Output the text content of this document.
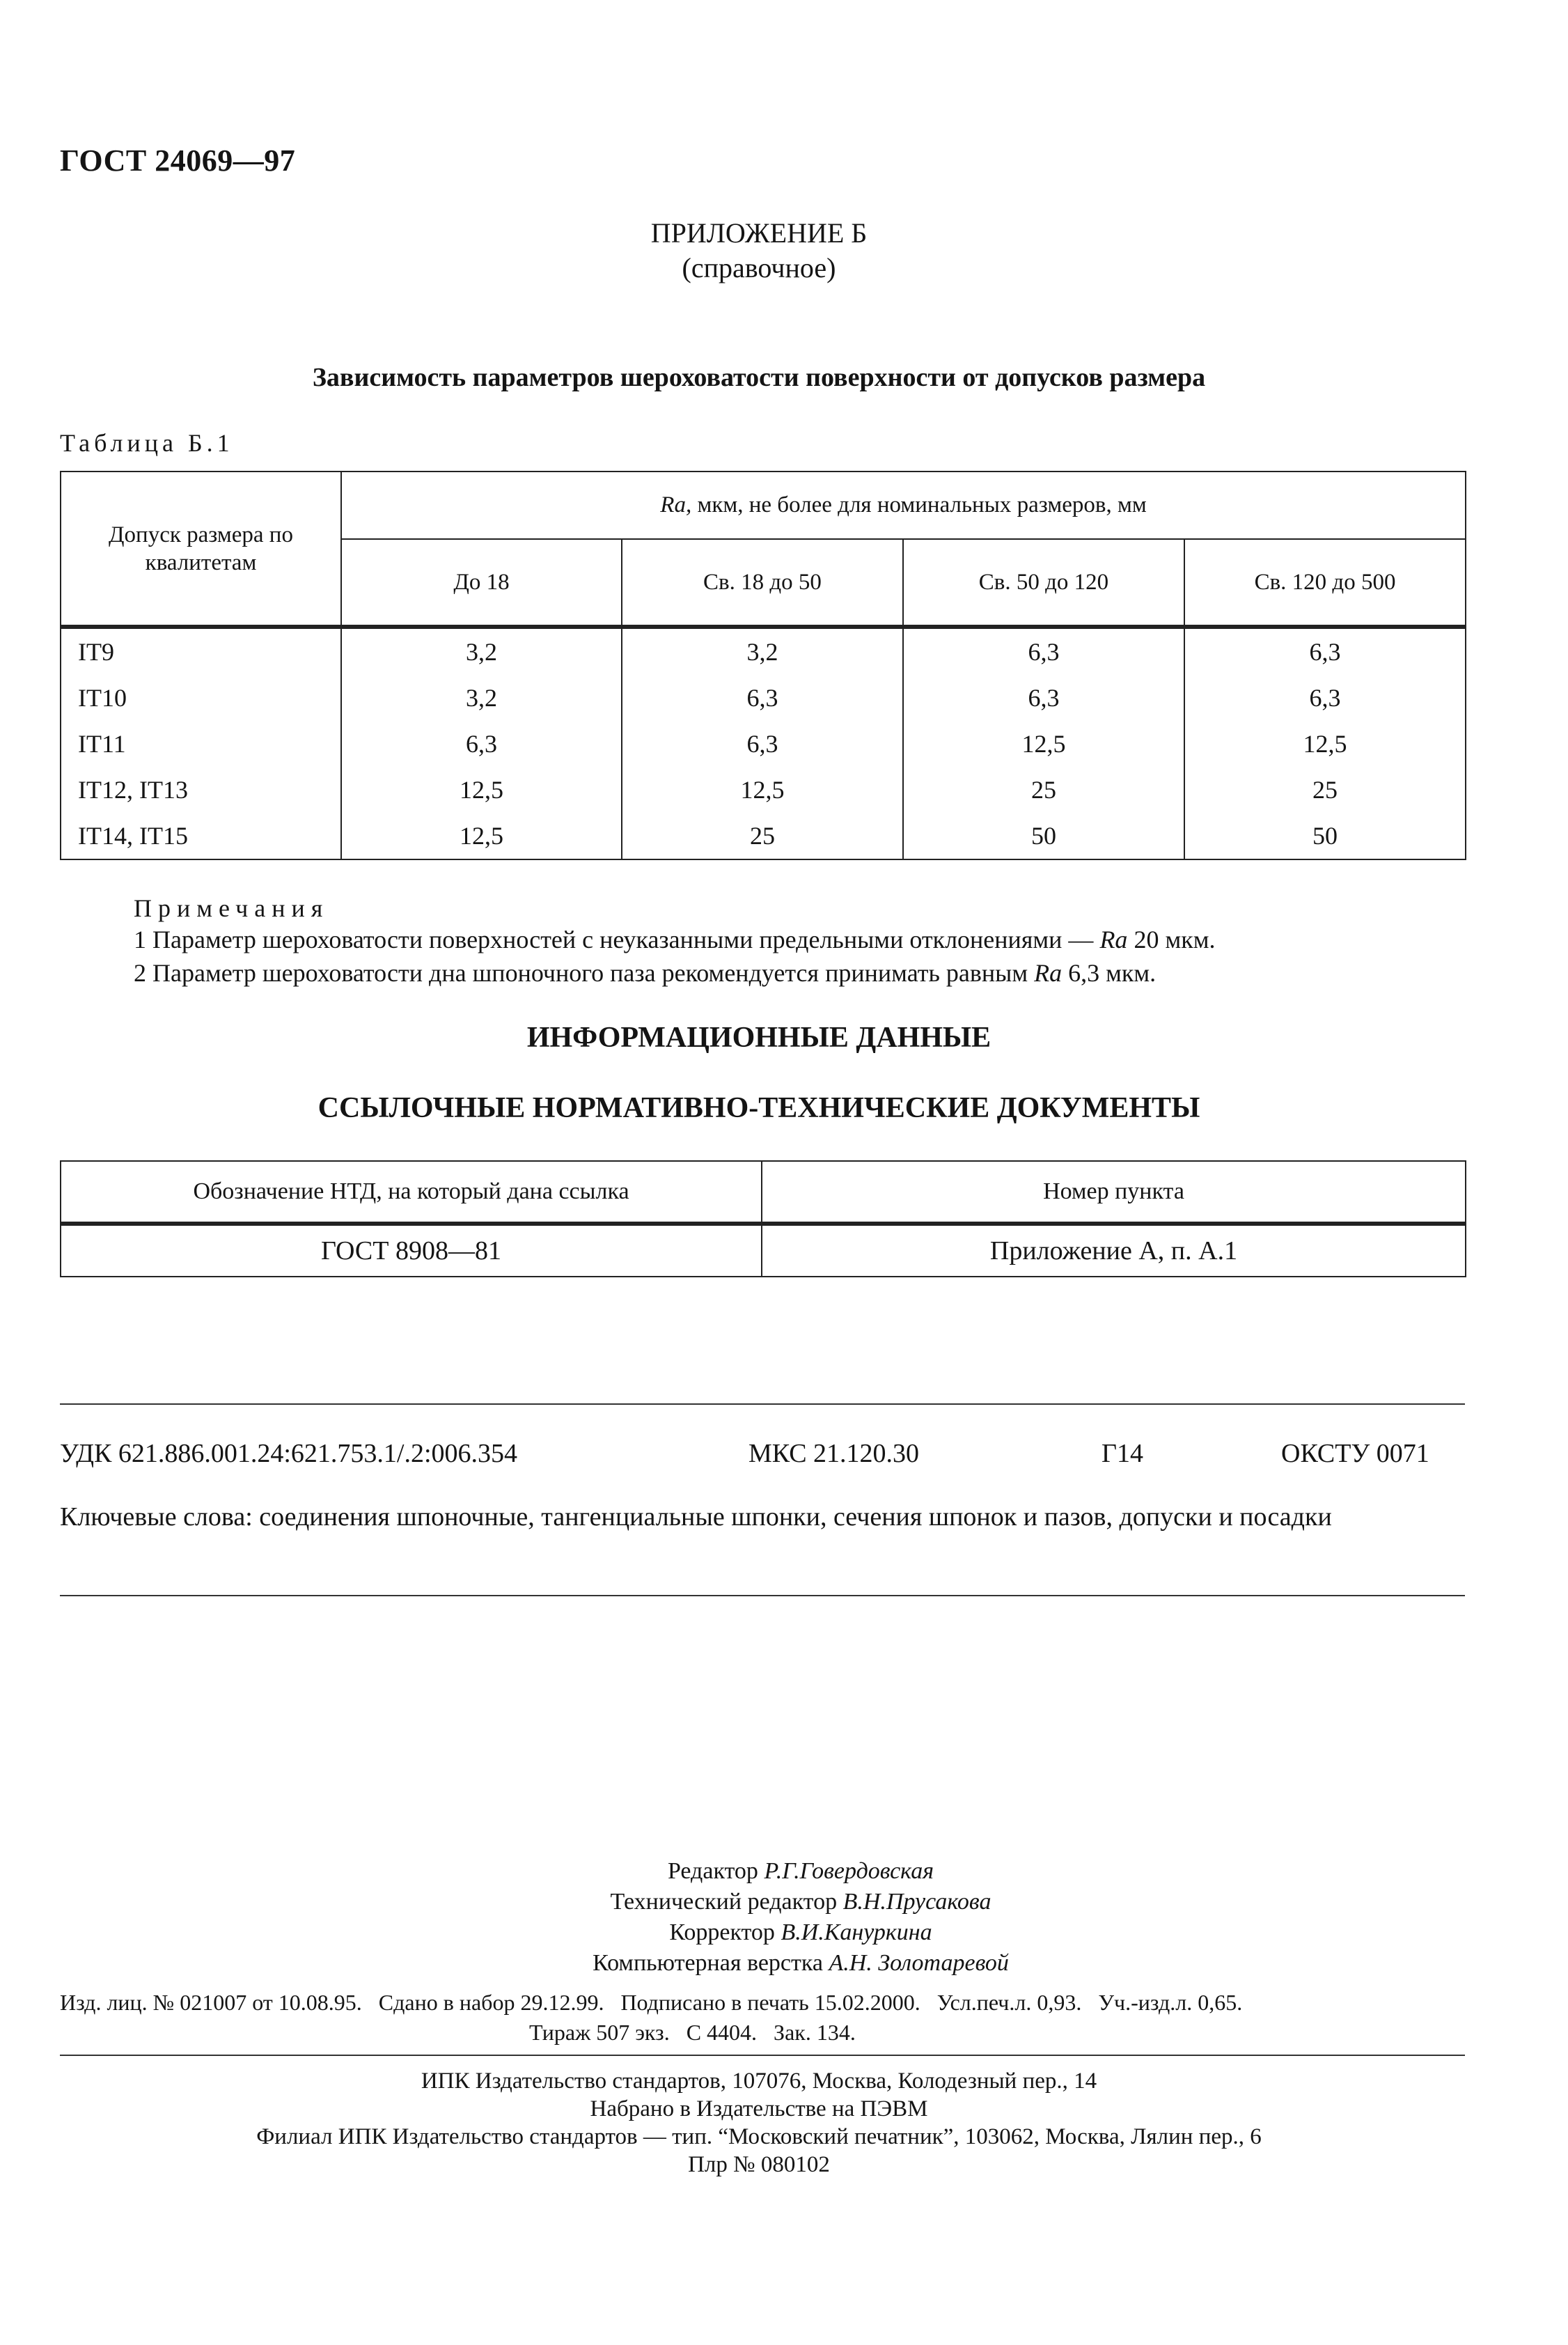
ГОСТ 24069—97
ПРИЛОЖЕНИЕ Б
(справочное)
Зависимость параметров шероховатости поверхности от допусков размера
Таблица Б.1
Допуск размера по квалитетам	Ra, мкм, не более для номинальных размеров, мм			
	До 18	Св. 18 до 50	Св. 50 до 120	Св. 120 до 500
IT9	3,2	3,2	6,3	6,3
IT10	3,2	6,3	6,3	6,3
IT11	6,3	6,3	12,5	12,5
IT12, IT13	12,5	12,5	25	25
IT14, IT15	12,5	25	50	50
Примечания
1 Параметр шероховатости поверхностей с неуказанными предельными отклонениями — Ra 20 мкм.
2 Параметр шероховатости дна шпоночного паза рекомендуется принимать равным Ra 6,3 мкм.
ИНФОРМАЦИОННЫЕ ДАННЫЕ
ССЫЛОЧНЫЕ НОРМАТИВНО-ТЕХНИЧЕСКИЕ ДОКУМЕНТЫ
Обозначение НТД, на который дана ссылка	Номер пункта
ГОСТ 8908—81	Приложение А, п. А.1
УДК 621.886.001.24:621.753.1/.2:006.354	МКС 21.120.30	Г14	ОКСТУ 0071
Ключевые слова: соединения шпоночные, тангенциальные шпонки, сечения шпонок и пазов, допуски и посадки
Редактор Р.Г.Говердовская
Технический редактор В.Н.Прусакова
Корректор В.И.Кануркина
Компьютерная верстка А.Н. Золотаревой
Изд. лиц. № 021007 от 10.08.95.   Сдано в набор 29.12.99.   Подписано в печать 15.02.2000.   Усл.печ.л. 0,93.   Уч.-изд.л. 0,65.
Тираж 507 экз.   С 4404.   Зак. 134.
ИПК Издательство стандартов, 107076, Москва, Колодезный пер., 14
Набрано в Издательстве на ПЭВМ
Филиал ИПК Издательство стандартов — тип. “Московский печатник”, 103062, Москва, Лялин пер., 6
Плр № 080102
